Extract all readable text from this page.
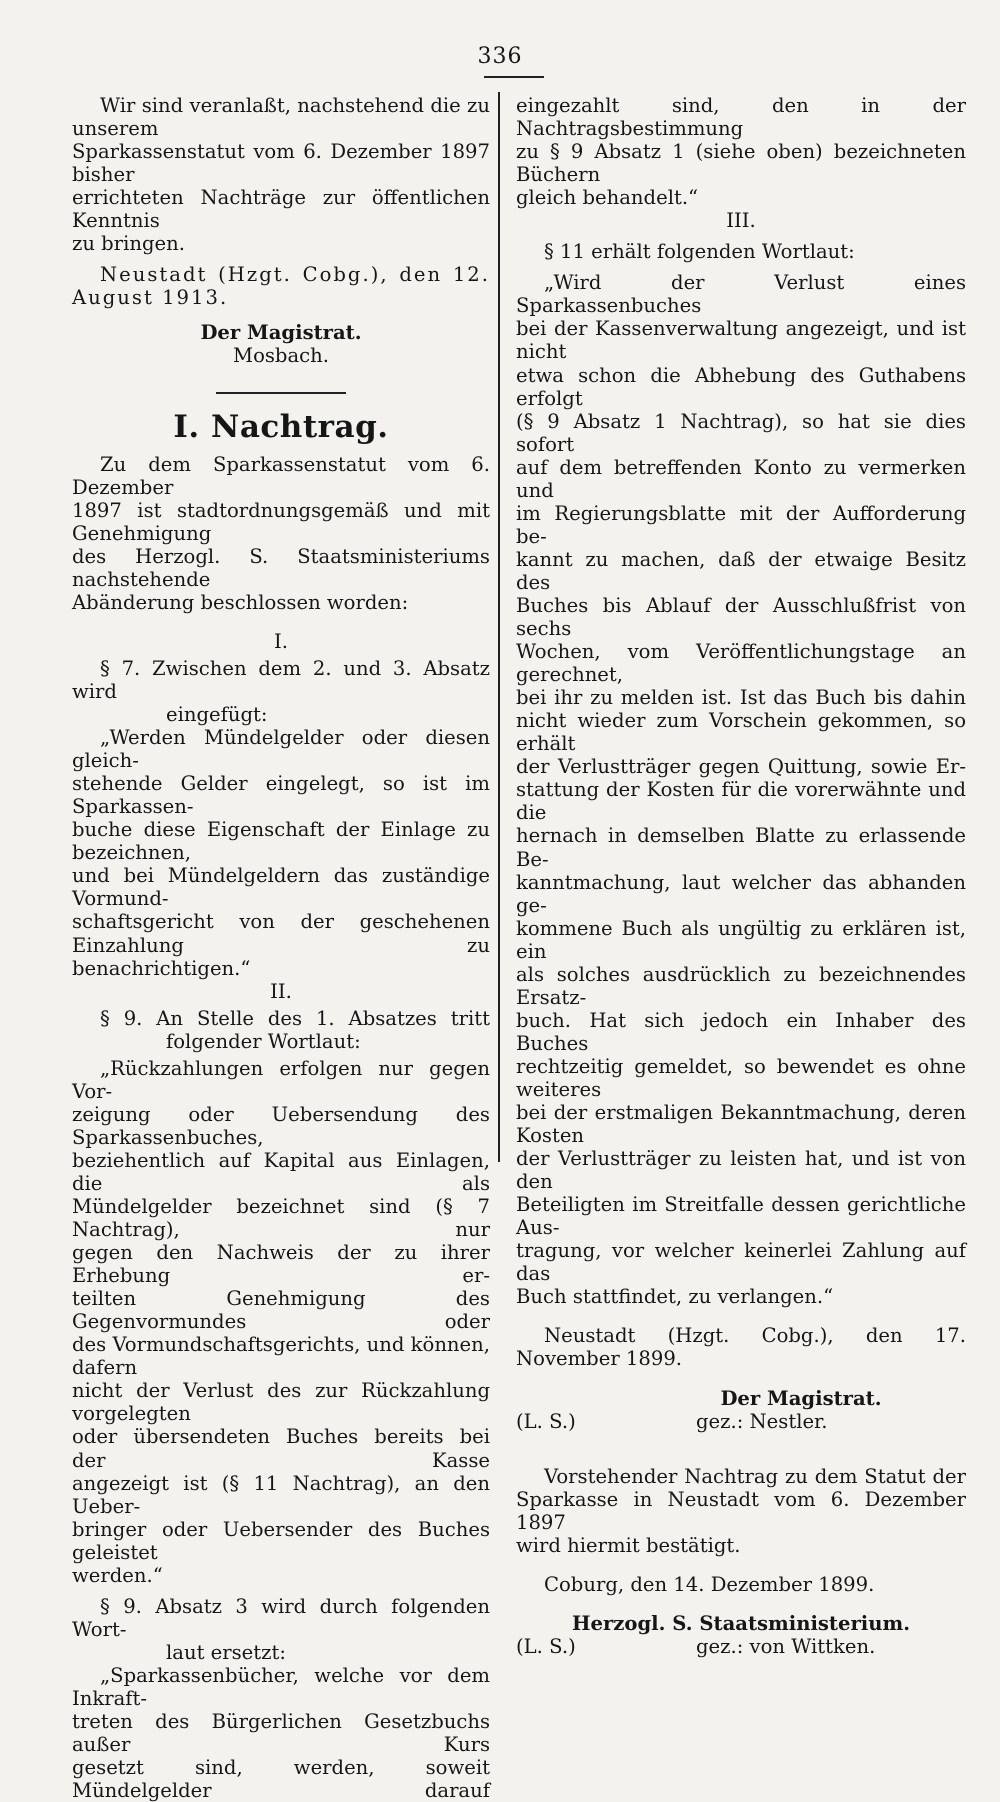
336

Wir sind veranlaßt, nachstehend die zu unserem

Sparkassenstatut vom 6. Dezember 1897 bisher

errichteten Nachträge zur öffentlichen Kenntnis

zu bringen.

Neustadt (Hzgt. Cobg.), den 12. August 1913.

Der Magistrat.

Mosbach.

I. Nachtrag.

Zu dem Sparkassenstatut vom 6. Dezember

1897 ist stadtordnungsgemäß und mit Genehmigung

des Herzogl. S. Staatsministeriums nachstehende

Abänderung beschlossen worden:

I.

§ 7. Zwischen dem 2. und 3. Absatz wird

eingefügt:

„Werden Mündelgelder oder diesen gleich-

stehende Gelder eingelegt, so ist im Sparkassen-

buche diese Eigenschaft der Einlage zu bezeichnen,

und bei Mündelgeldern das zuständige Vormund-

schaftsgericht von der geschehenen Einzahlung zu

benachrichtigen.“

II.

§ 9. An Stelle des 1. Absatzes tritt

folgender Wortlaut:

„Rückzahlungen erfolgen nur gegen Vor-

zeigung oder Uebersendung des Sparkassenbuches,

beziehentlich auf Kapital aus Einlagen, die als

Mündelgelder bezeichnet sind (§ 7 Nachtrag), nur

gegen den Nachweis der zu ihrer Erhebung er-

teilten Genehmigung des Gegenvormundes oder

des Vormundschaftsgerichts, und können, dafern

nicht der Verlust des zur Rückzahlung vorgelegten

oder übersendeten Buches bereits bei der Kasse

angezeigt ist (§ 11 Nachtrag), an den Ueber-

bringer oder Uebersender des Buches geleistet

werden.“

§ 9. Absatz 3 wird durch folgenden Wort-

laut ersetzt:

„Sparkassenbücher, welche vor dem Inkraft-

treten des Bürgerlichen Gesetzbuchs außer Kurs

gesetzt sind, werden, soweit Mündelgelder darauf

eingezahlt sind, den in der Nachtragsbestimmung

zu § 9 Absatz 1 (siehe oben) bezeichneten Büchern

gleich behandelt.“

III.

§ 11 erhält folgenden Wortlaut:

„Wird der Verlust eines Sparkassenbuches

bei der Kassenverwaltung angezeigt, und ist nicht

etwa schon die Abhebung des Guthabens erfolgt

(§ 9 Absatz 1 Nachtrag), so hat sie dies sofort

auf dem betreffenden Konto zu vermerken und

im Regierungsblatte mit der Aufforderung be-

kannt zu machen, daß der etwaige Besitz des

Buches bis Ablauf der Ausschlußfrist von sechs

Wochen, vom Veröffentlichungstage an gerechnet,

bei ihr zu melden ist. Ist das Buch bis dahin

nicht wieder zum Vorschein gekommen, so erhält

der Verlustträger gegen Quittung, sowie Er-

stattung der Kosten für die vorerwähnte und die

hernach in demselben Blatte zu erlassende Be-

kanntmachung, laut welcher das abhanden ge-

kommene Buch als ungültig zu erklären ist, ein

als solches ausdrücklich zu bezeichnendes Ersatz-

buch. Hat sich jedoch ein Inhaber des Buches

rechtzeitig gemeldet, so bewendet es ohne weiteres

bei der erstmaligen Bekanntmachung, deren Kosten

der Verlustträger zu leisten hat, und ist von den

Beteiligten im Streitfalle dessen gerichtliche Aus-

tragung, vor welcher keinerlei Zahlung auf das

Buch stattfindet, zu verlangen.“

Neustadt (Hzgt. Cobg.), den 17. November 1899.

Der Magistrat.

(L. S.)	gez.: Nestler.

Vorstehender Nachtrag zu dem Statut der

Sparkasse in Neustadt vom 6. Dezember 1897

wird hiermit bestätigt.

Coburg, den 14. Dezember 1899.

Herzogl. S. Staatsministerium.

(L. S.)	gez.: von Wittken.
